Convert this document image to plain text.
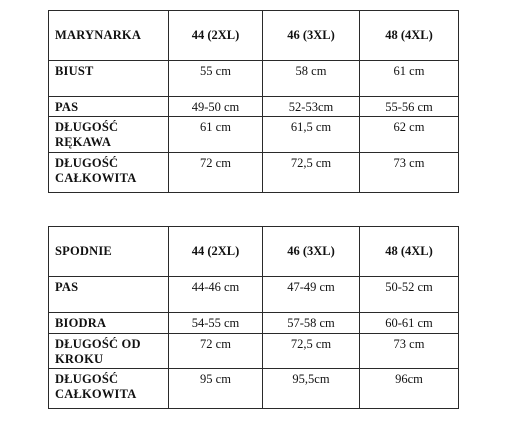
MARYNARKA	44 (2XL)	46 (3XL)	48 (4XL)
BIUST	55 cm	58 cm	61 cm
PAS	49-50 cm	52-53cm	55-56 cm
DŁUGOŚĆ
RĘKAWA	61 cm	61,5 cm	62 cm
DŁUGOŚĆ
CAŁKOWITA	72 cm	72,5 cm	73 cm
SPODNIE	44 (2XL)	46 (3XL)	48 (4XL)
PAS	44-46 cm	47-49 cm	50-52 cm
BIODRA	54-55 cm	57-58 cm	60-61 cm
DŁUGOŚĆ OD
KROKU	72 cm	72,5 cm	73 cm
DŁUGOŚĆ
CAŁKOWITA	95 cm	95,5cm	96cm
